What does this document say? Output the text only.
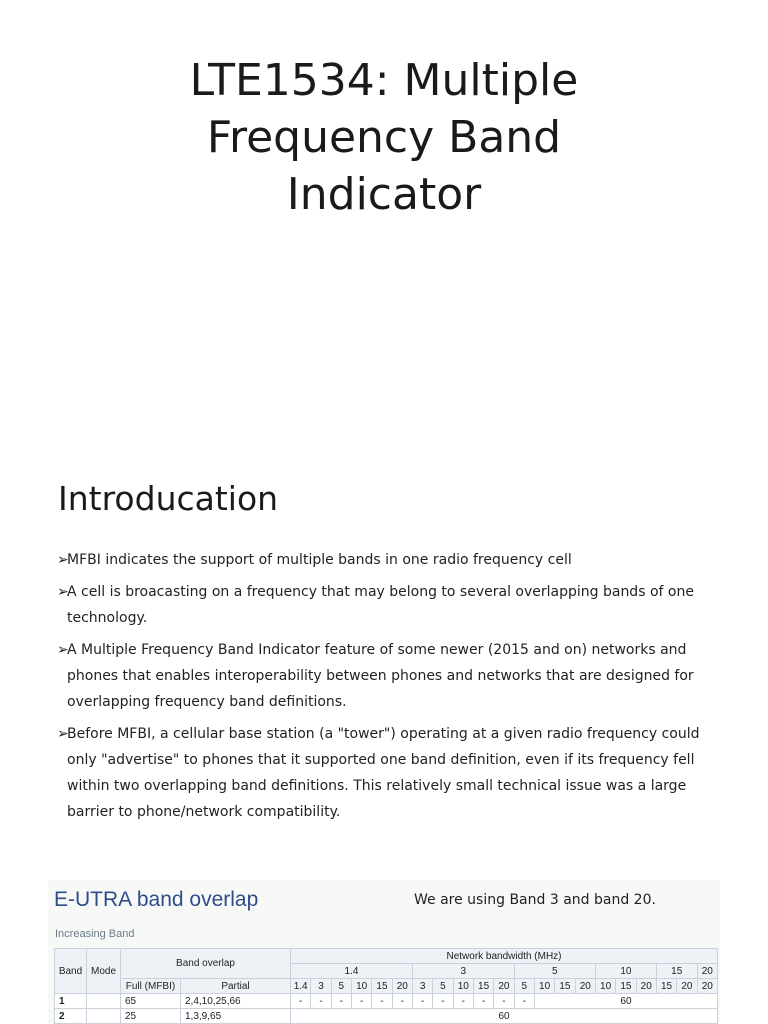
LTE1534: Multiple
Frequency Band
Indicator
Introducation
➢MFBI indicates the support of multiple bands in one radio frequency cell
➢A cell is broacasting on a frequency that may belong to several overlapping bands of one technology.
➢A Multiple Frequency Band Indicator feature of some newer (2015 and on) networks and phones that enables interoperability between phones and networks that are designed for overlapping frequency band definitions.
➢Before MFBI, a cellular base station (a "tower") operating at a given radio frequency could only "advertise" to phones that it supported one band definition, even if its frequency fell within two overlapping band definitions. This relatively small technical issue was a large barrier to phone/network compatibility.
E-UTRA band overlap	We are using Band 3 and band 20.
Increasing Band
Band	Mode	Band overlap		Network bandwidth (MHz)																				
				1.4						3					5				10			15		20
		Full (MFBI)	Partial	1.4	3	5	10	15	20	3	5	10	15	20	5	10	15	20	10	15	20	15	20	20
1		65	2,4,10,25,66	-	-	-	-	-	-	-	-	-	-	-	-	60								
2		25	1,3,9,65	60																				
